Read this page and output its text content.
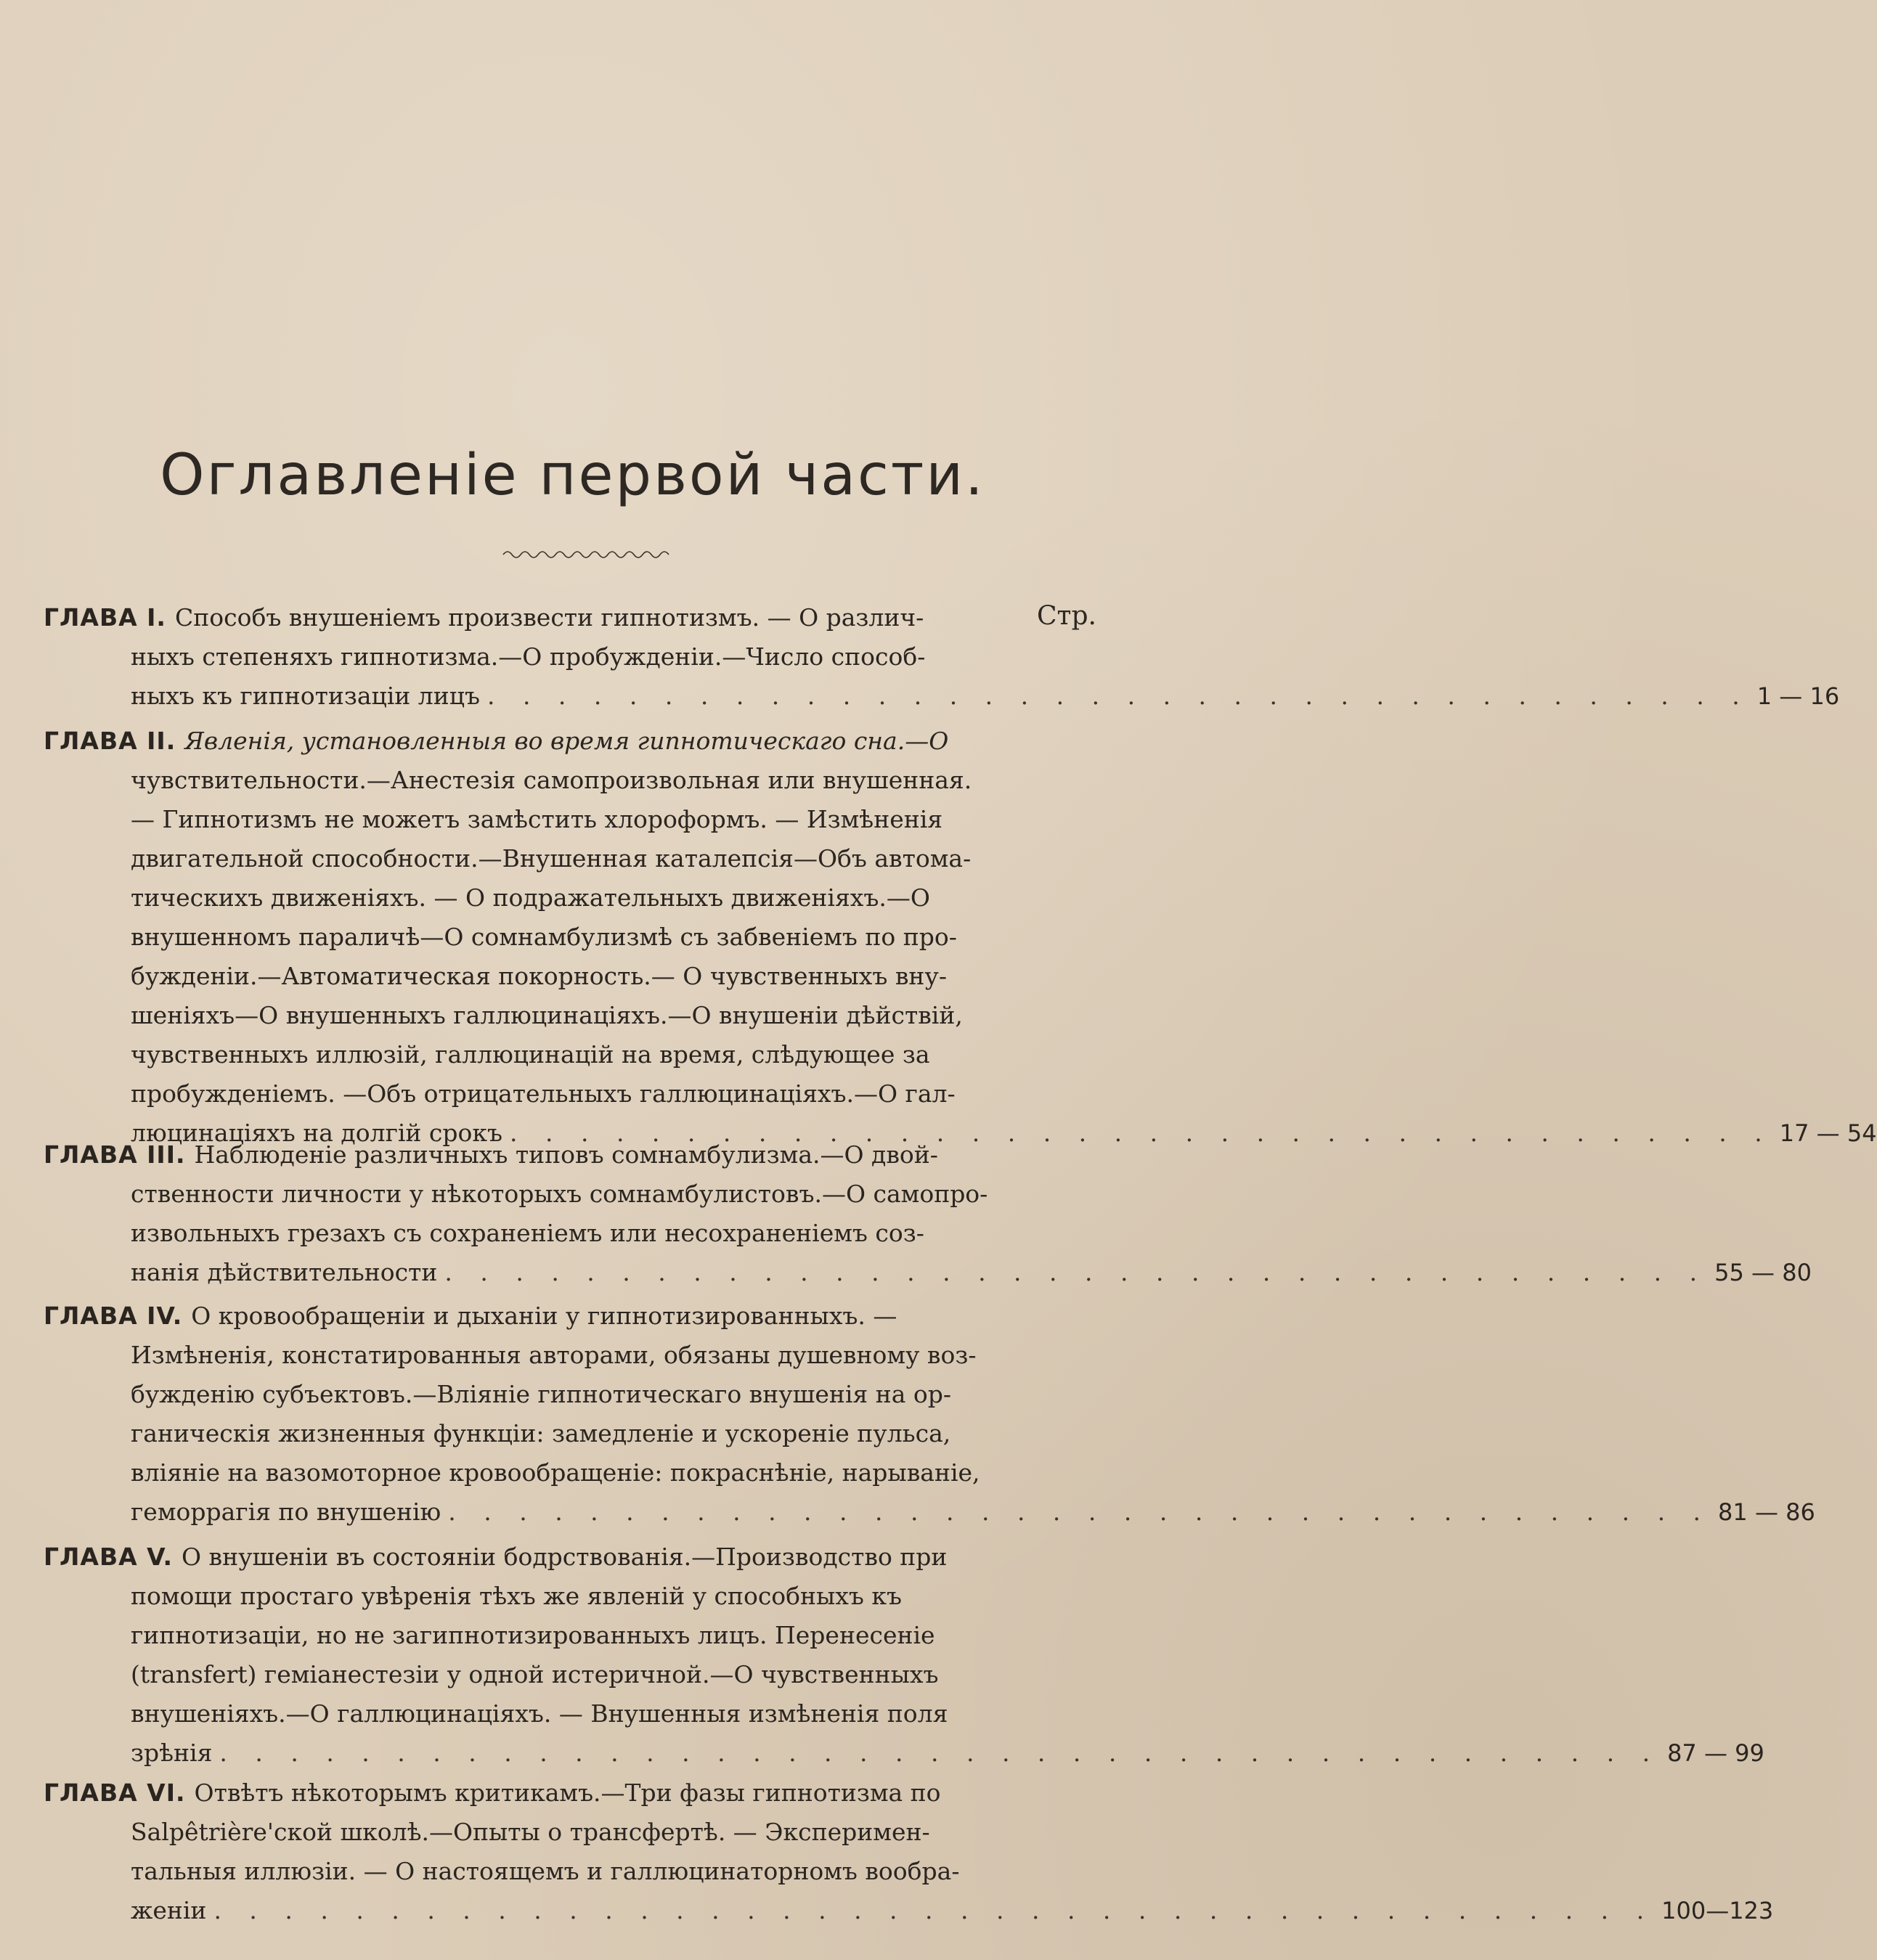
Оглавленіе первой части.
Стр.
ГЛАВА I. Способъ внушеніемъ произвести гипнотизмъ. — О различ-
ныхъ степеняхъ гипнотизма.—О пробужденіи.—Число способ-
ныхъ къ гипнотизаціи лицъ . . . . . . . . . . . . . . . . . . . . . . . . . . . . . . . . . . . . 1 — 16
ГЛАВА II. Явленія, установленныя во время гипнотическаго сна.—О
чувствительности.—Анестезія самопроизвольная или внушенная.
— Гипнотизмъ не можетъ замѣстить хлороформъ. — Измѣненія
двигательной способности.—Внушенная каталепсія—Объ автома-
тическихъ движеніяхъ. — О подражательныхъ движеніяхъ.—О
внушенномъ параличѣ—О сомнамбулизмѣ съ забвеніемъ по про-
бужденіи.—Автоматическая покорность.— О чувственныхъ вну-
шеніяхъ—О внушенныхъ галлюцинаціяхъ.—О внушеніи дѣйствій,
чувственныхъ иллюзій, галлюцинацій на время, слѣдующее за
пробужденіемъ. —Объ отрицательныхъ галлюцинаціяхъ.—О гал-
люцинаціяхъ на долгій срокъ . . . . . . . . . . . . . . . . . . . . . . . . . . . . . . . . . . . . 17 — 54
ГЛАВА III. Наблюденіе различныхъ типовъ сомнамбулизма.—О двой-
ственности личности у нѣкоторыхъ сомнамбулистовъ.—О самопро-
извольныхъ грезахъ съ сохраненіемъ или несохраненіемъ соз-
нанія дѣйствительности . . . . . . . . . . . . . . . . . . . . . . . . . . . . . . . . . . . . 55 — 80
ГЛАВА IV. О кровообращеніи и дыханіи у гипнотизированныхъ. —
Измѣненія, констатированныя авторами, обязаны душевному воз-
бужденію субъектовъ.—Вліяніе гипнотическаго внушенія на ор-
ганическія жизненныя функціи: замедленіе и ускореніе пульса,
вліяніе на вазомоторное кровообращеніе: покраснѣніе, нарываніе,
геморрагія по внушенію . . . . . . . . . . . . . . . . . . . . . . . . . . . . . . . . . . . . 81 — 86
ГЛАВА V. О внушеніи въ состояніи бодрствованія.—Производство при
помощи простаго увѣренія тѣхъ же явленій у способныхъ къ
гипнотизаціи, но не загипнотизированныхъ лицъ. Перенесеніе
(transfert) геміанестезіи у одной истеричной.—О чувственныхъ
внушеніяхъ.—О галлюцинаціяхъ. — Внушенныя измѣненія поля
зрѣнія . . . . . . . . . . . . . . . . . . . . . . . . . . . . . . . . . . . . . . . . . 87 — 99
ГЛАВА VI. Отвѣтъ нѣкоторымъ критикамъ.—Три фазы гипнотизма по
Salpêtrière'ской школѣ.—Опыты о трансфертѣ. — Эксперимен-
тальныя иллюзіи. — О настоящемъ и галлюцинаторномъ вообра-
женіи . . . . . . . . . . . . . . . . . . . . . . . . . . . . . . . . . . . . . . . . . 100—123
